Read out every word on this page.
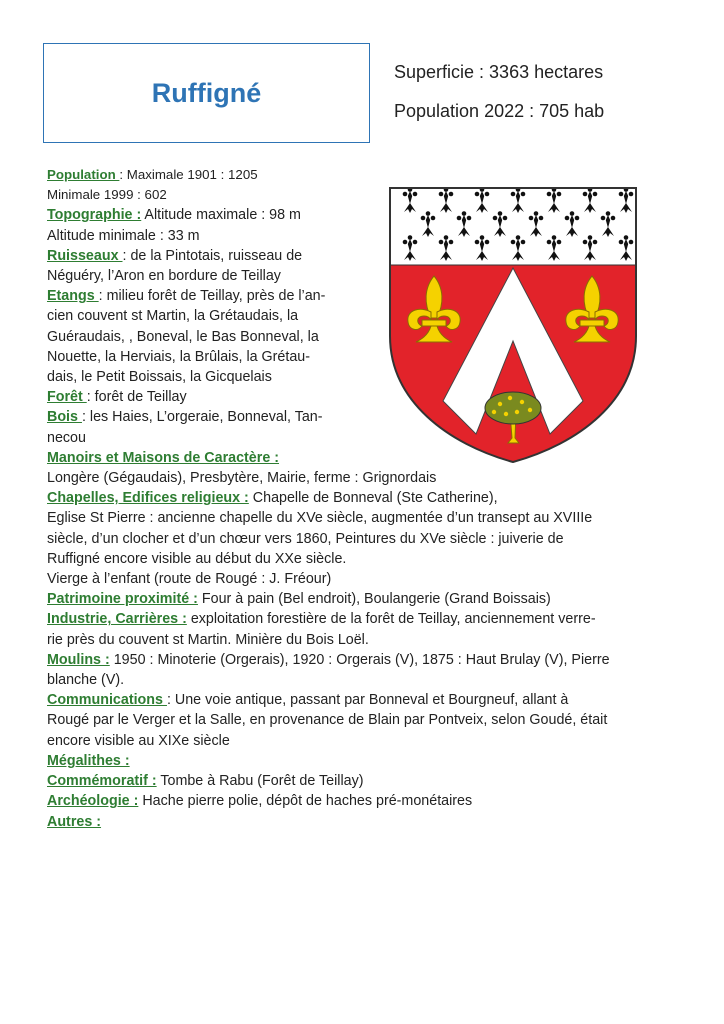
Ruffigné
Superficie : 3363 hectares
Population 2022 : 705 hab
Population : Maximale 1901 : 1205
Minimale 1999 : 602
Topographie : Altitude maximale : 98 m
Altitude minimale : 33 m
Ruisseaux : de la Pintotais, ruisseau de
Néguéry, l’Aron en bordure de Teillay
Etangs : milieu forêt de Teillay, près de l’an-
cien couvent st Martin, la Grétaudais, la
Guéraudais, , Boneval, le Bas Bonneval, la
Nouette, la Herviais, la Brûlais, la Grétau-
dais, le Petit Boissais, la Gicquelais
Forêt : forêt de Teillay
Bois : les Haies, L’orgeraie, Bonneval, Tan-
necou
Manoirs et Maisons de Caractère :
Longère (Gégaudais), Presbytère, Mairie, ferme : Grignordais
Chapelles, Edifices religieux : Chapelle de Bonneval (Ste Catherine),
Eglise St Pierre : ancienne chapelle du XVe siècle, augmentée d’un transept au XVIIIe
siècle, d’un clocher et d’un chœur vers 1860, Peintures du XVe siècle : juiverie de
Ruffigné encore visible au début du XXe siècle.
Vierge à l’enfant (route de Rougé : J. Fréour)
Patrimoine proximité : Four à pain (Bel endroit), Boulangerie (Grand Boissais)
Industrie, Carrières : exploitation forestière de la forêt de Teillay, anciennement verre-
rie près du couvent st Martin. Minière du Bois Loël.
Moulins : 1950 : Minoterie (Orgerais), 1920 : Orgerais (V), 1875 : Haut Brulay (V), Pierre
blanche (V).
Communications : Une voie antique, passant par Bonneval et Bourgneuf, allant à
Rougé par le Verger et la Salle, en provenance de Blain par Pontveix, selon Goudé, était
encore visible au XIXe siècle
Mégalithes :
Commémoratif : Tombe à Rabu (Forêt de Teillay)
Archéologie : Hache pierre polie, dépôt de haches pré-monétaires
Autres :
